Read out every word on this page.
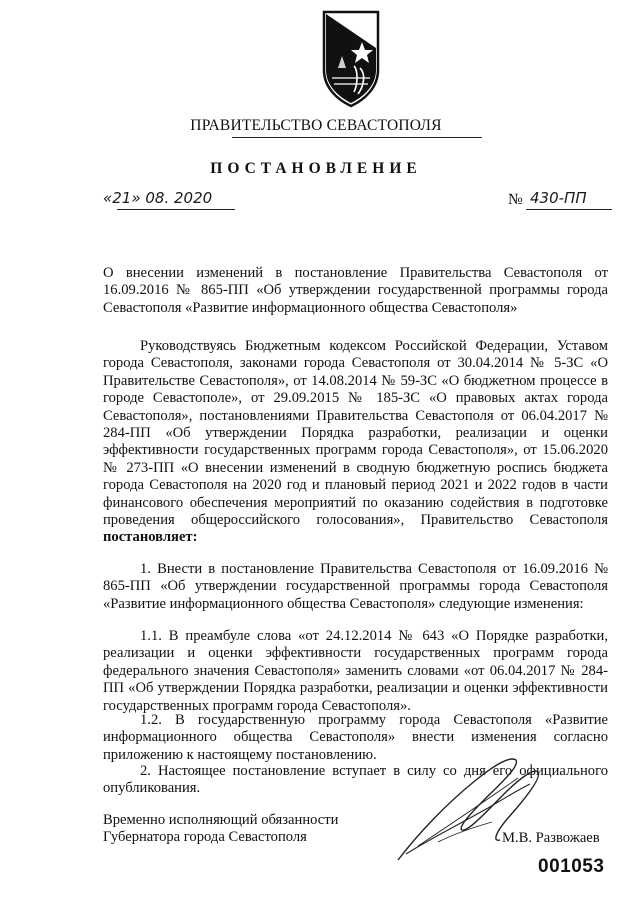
ПРАВИТЕЛЬСТВО СЕВАСТОПОЛЯ
ПОСТАНОВЛЕНИЕ
«21» 08. 2020	№ 430-ПП
О внесении изменений в постановление Правительства Севастополя от 16.09.2016 № 865-ПП «Об утверждении государственной программы города Севастополя «Развитие информационного общества Севастополя»
Руководствуясь Бюджетным кодексом Российской Федерации, Уставом города Севастополя, законами города Севастополя от 30.04.2014 № 5-ЗС «О Правительстве Севастополя», от 14.08.2014 № 59-ЗС «О бюджетном процессе в городе Севастополе», от 29.09.2015 № 185-ЗС «О правовых актах города Севастополя», постановлениями Правительства Севастополя от 06.04.2017 № 284-ПП «Об утверждении Порядка разработки, реализации и оценки эффективности государственных программ города Севастополя», от 15.06.2020 № 273-ПП «О внесении изменений в сводную бюджетную роспись бюджета города Севастополя на 2020 год и плановый период 2021 и 2022 годов в части финансового обеспечения мероприятий по оказанию содействия в подготовке проведения общероссийского голосования», Правительство Севастополя постановляет:
1. Внести в постановление Правительства Севастополя от 16.09.2016 № 865-ПП «Об утверждении государственной программы города Севастополя «Развитие информационного общества Севастополя» следующие изменения:
1.1. В преамбуле слова «от 24.12.2014 № 643 «О Порядке разработки, реализации и оценки эффективности государственных программ города федерального значения Севастополя» заменить словами «от 06.04.2017 № 284-ПП «Об утверждении Порядка разработки, реализации и оценки эффективности государственных программ города Севастополя».
1.2. В государственную программу города Севастополя «Развитие информационного общества Севастополя» внести изменения согласно приложению к настоящему постановлению.
2. Настоящее постановление вступает в силу со дня его официального опубликования.
Временно исполняющий обязанности Губернатора города Севастополя	М.В. Развожаев
001053
